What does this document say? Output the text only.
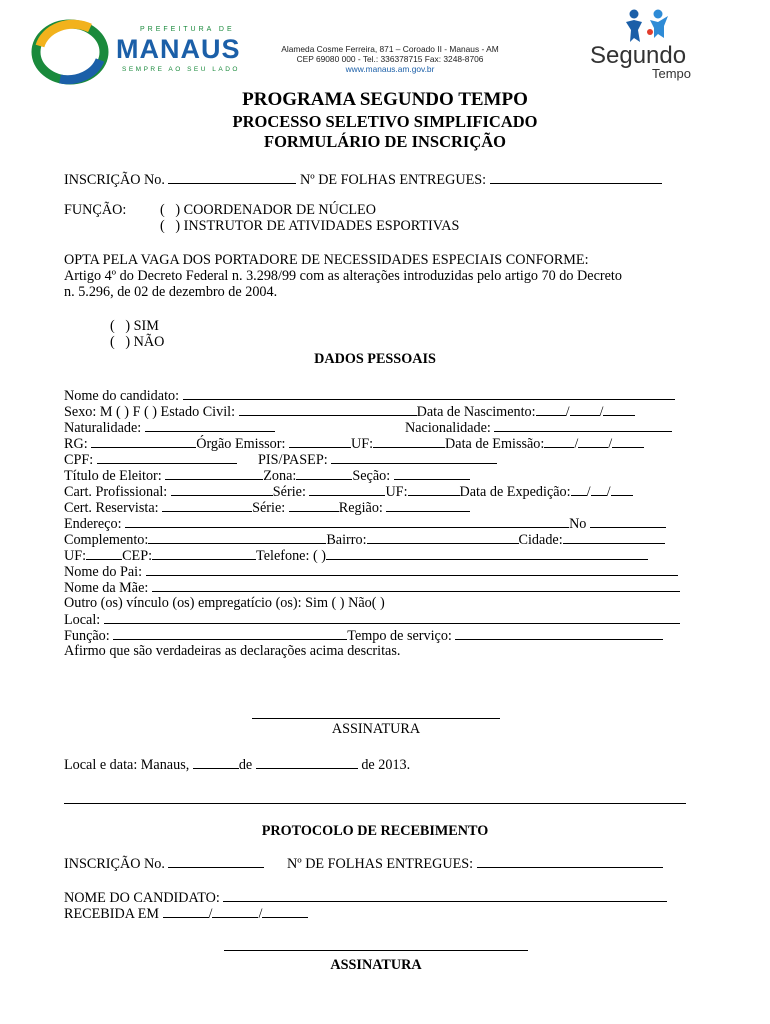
PREFEITURA DE
MANAUS
SEMPRE AO SEU LADO
Alameda Cosme Ferreira, 871 – Coroado II - Manaus - AM
CEP 69080 000 - Tel.: 336378715 Fax: 3248-8706
www.manaus.am.gov.br	Segundo
Tempo
PROGRAMA SEGUNDO TEMPO
PROCESSO SELETIVO SIMPLIFICADO
FORMULÁRIO DE INSCRIÇÃO
INSCRIÇÃO No.	Nº DE FOLHAS ENTREGUES:
FUNÇÃO: (   ) COORDENADOR DE NÚCLEO
(   ) INSTRUTOR DE ATIVIDADES ESPORTIVAS
OPTA PELA VAGA DOS PORTADORE DE NECESSIDADES ESPECIAIS CONFORME:
Artigo 4º do Decreto Federal n. 3.298/99 com as alterações introduzidas pelo artigo 70 do Decreto
n. 5.296, de 02 de dezembro de 2004.
(   ) SIM
(   ) NÃO
DADOS PESSOAIS
Nome do candidato:
Sexo: M ( ) F ( ) Estado Civil:	Data de Nascimento: / /
Naturalidade:	Nacionalidade:
RG:	Órgão Emissor:	UF:	Data de Emissão: / /
CPF:	PIS/PASEP:
Título de Eleitor:	Zona:	Seção:
Cart. Profissional:	Série:	UF:	Data de Expedição: / /
Cert. Reservista:	Série:	Região:
Endereço:	No
Complemento:	Bairro:	Cidade:
UF:	CEP:	Telefone: ( )
Nome do Pai:
Nome da Mãe:
Outro (os) vínculo (os) empregatício (os): Sim ( ) Não( )
Local:
Função:	Tempo de serviço:
Afirmo que são verdadeiras as declarações acima descritas.
ASSINATURA
Local e data: Manaus,	de	de 2013.
PROTOCOLO DE RECEBIMENTO
INSCRIÇÃO No.	Nº DE FOLHAS ENTREGUES:
NOME DO CANDIDATO:
RECEBIDA EM	/	/
ASSINATURA
